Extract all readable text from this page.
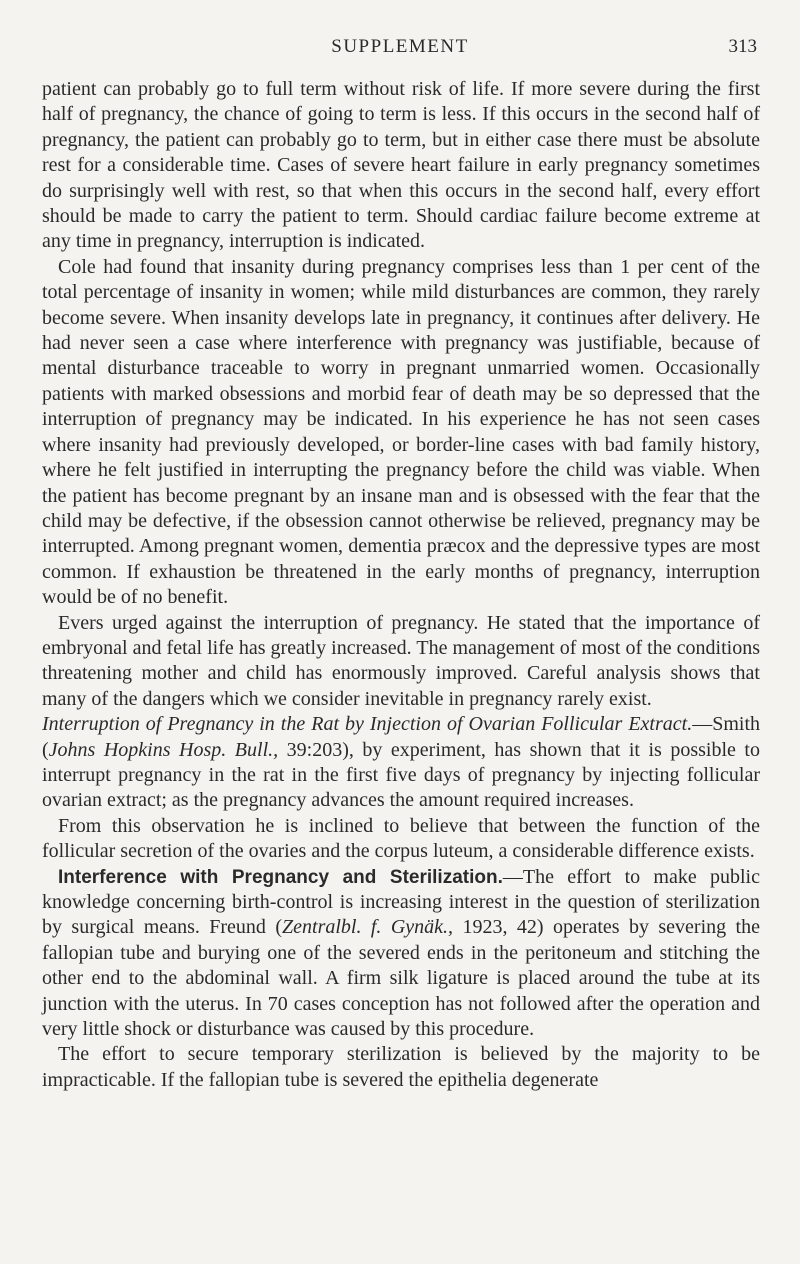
SUPPLEMENT	313

patient can probably go to full term without risk of life. If more severe during the first half of pregnancy, the chance of going to term is less. If this occurs in the second half of pregnancy, the patient can probably go to term, but in either case there must be absolute rest for a considerable time. Cases of severe heart failure in early pregnancy sometimes do surprisingly well with rest, so that when this occurs in the second half, every effort should be made to carry the patient to term. Should cardiac failure become extreme at any time in pregnancy, interruption is indicated.

Cole had found that insanity during pregnancy comprises less than 1 per cent of the total percentage of insanity in women; while mild disturbances are common, they rarely become severe. When insanity develops late in pregnancy, it continues after delivery. He had never seen a case where interference with pregnancy was justifiable, because of mental disturbance traceable to worry in pregnant unmarried women. Occasionally patients with marked obsessions and morbid fear of death may be so depressed that the interruption of pregnancy may be indicated. In his experience he has not seen cases where insanity had previously developed, or border-line cases with bad family history, where he felt justified in interrupting the pregnancy before the child was viable. When the patient has become pregnant by an insane man and is obsessed with the fear that the child may be defective, if the obsession cannot otherwise be relieved, pregnancy may be interrupted. Among pregnant women, dementia præcox and the depressive types are most common. If exhaustion be threatened in the early months of pregnancy, interruption would be of no benefit.

Evers urged against the interruption of pregnancy. He stated that the importance of embryonal and fetal life has greatly increased. The management of most of the conditions threatening mother and child has enormously improved. Careful analysis shows that many of the dangers which we consider inevitable in pregnancy rarely exist.

Interruption of Pregnancy in the Rat by Injection of Ovarian Follicular Extract.—Smith (Johns Hopkins Hosp. Bull., 39:203), by experiment, has shown that it is possible to interrupt pregnancy in the rat in the first five days of pregnancy by injecting follicular ovarian extract; as the pregnancy advances the amount required increases.

From this observation he is inclined to believe that between the function of the follicular secretion of the ovaries and the corpus luteum, a considerable difference exists.

Interference with Pregnancy and Sterilization.—The effort to make public knowledge concerning birth-control is increasing interest in the question of sterilization by surgical means. Freund (Zentralbl. f. Gynäk., 1923, 42) operates by severing the fallopian tube and burying one of the severed ends in the peritoneum and stitching the other end to the abdominal wall. A firm silk ligature is placed around the tube at its junction with the uterus. In 70 cases conception has not followed after the operation and very little shock or disturbance was caused by this procedure.

The effort to secure temporary sterilization is believed by the majority to be impracticable. If the fallopian tube is severed the epithelia degenerate
